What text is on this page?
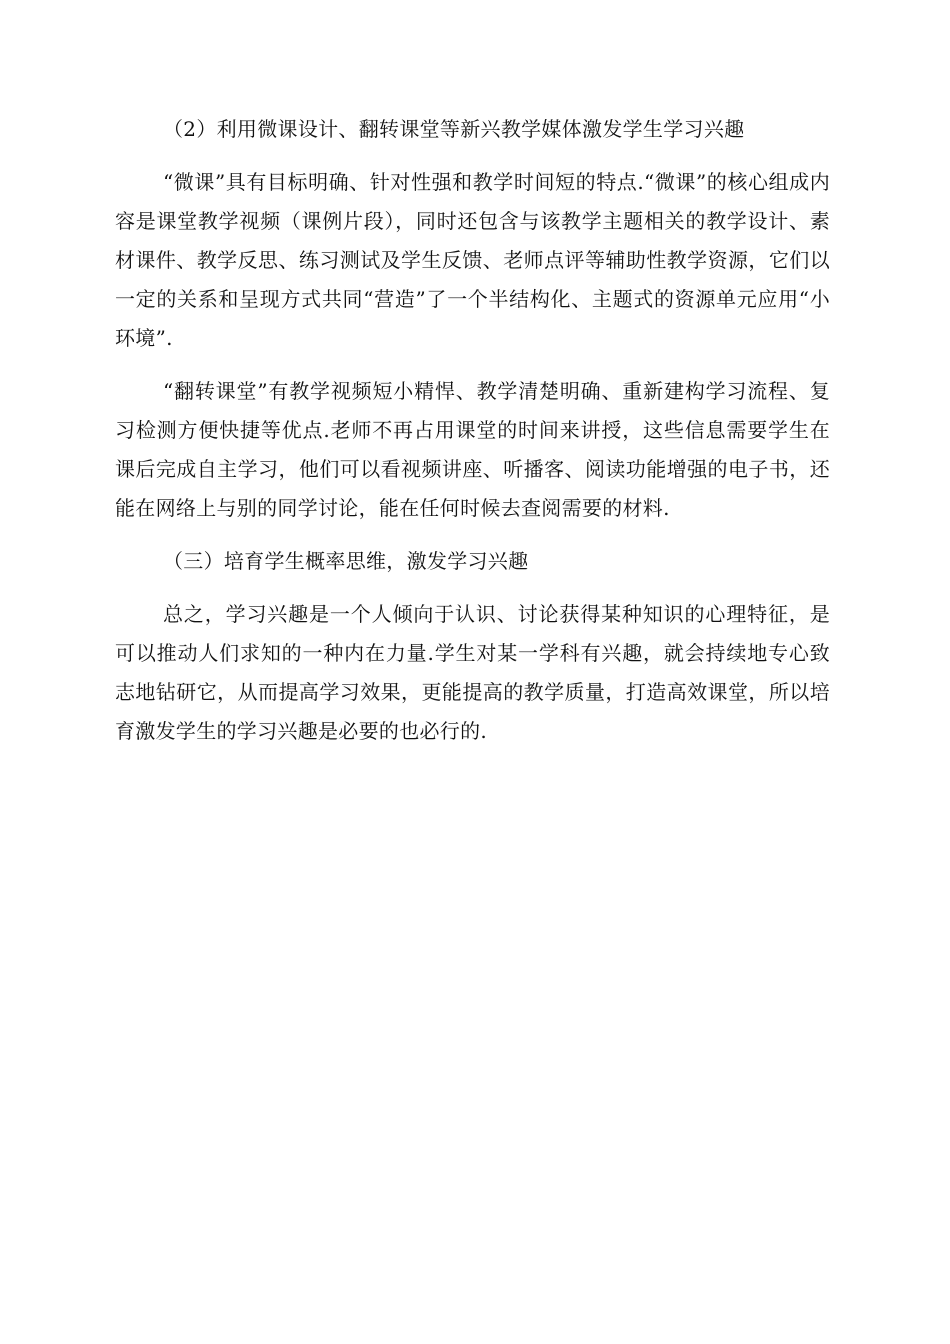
（2）利用微课设计、翻转课堂等新兴教学媒体激发学生学习兴趣

“微课”具有目标明确、针对性强和教学时间短的特点.“微课”的核心组成内容是课堂教学视频（课例片段），同时还包含与该教学主题相关的教学设计、素材课件、教学反思、练习测试及学生反馈、老师点评等辅助性教学资源，它们以一定的关系和呈现方式共同“营造”了一个半结构化、主题式的资源单元应用“小环境”.

“翻转课堂”有教学视频短小精悍、教学清楚明确、重新建构学习流程、复习检测方便快捷等优点.老师不再占用课堂的时间来讲授，这些信息需要学生在课后完成自主学习，他们可以看视频讲座、听播客、阅读功能增强的电子书，还能在网络上与别的同学讨论，能在任何时候去查阅需要的材料.

（三）培育学生概率思维，激发学习兴趣

总之，学习兴趣是一个人倾向于认识、讨论获得某种知识的心理特征，是可以推动人们求知的一种内在力量.学生对某一学科有兴趣，就会持续地专心致志地钻研它，从而提高学习效果，更能提高的教学质量，打造高效课堂，所以培育激发学生的学习兴趣是必要的也必行的.
